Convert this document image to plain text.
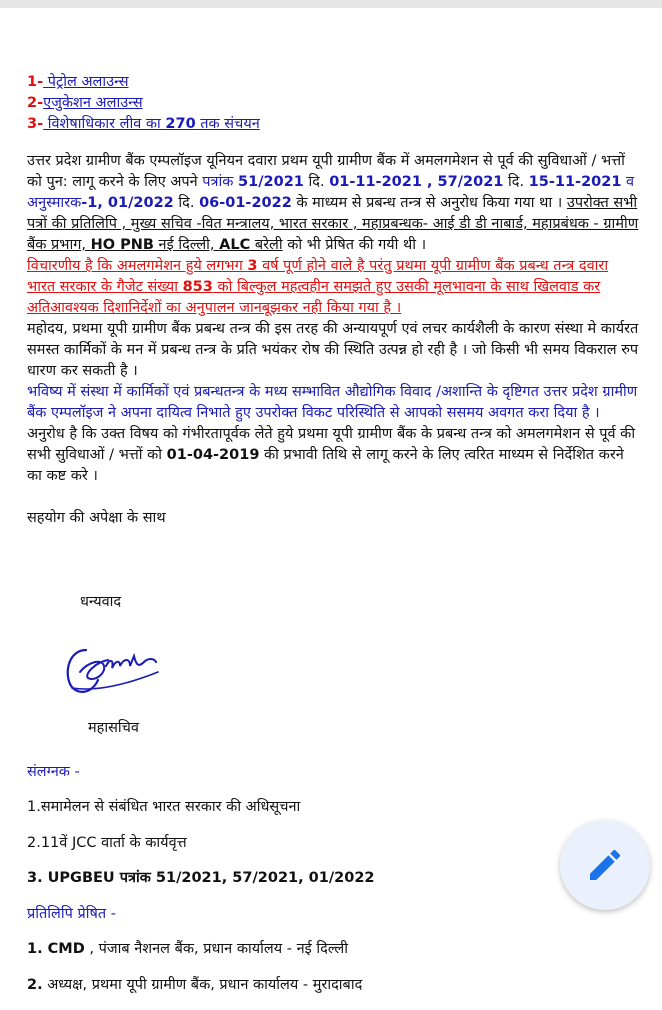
1- पेट्रोल अलाउन्स

2-एजुकेशन अलाउन्स

3- विशेषाधिकार लीव का 270 तक संचयन

उत्तर प्रदेश ग्रामीण बैंक एम्पलॉइज यूनियन दवारा प्रथम यूपी ग्रामीण बैंक में अमलगमेशन से पूर्व की सुविधाओं / भत्तों को पुन: लागू करने के लिए अपने पत्रांक 51/2021 दि. 01-11-2021 , 57/2021 दि. 15-11-2021 व अनुस्मारक-1, 01/2022 दि. 06-01-2022 के माध्यम से प्रबन्ध तन्त्र से अनुरोध किया गया था । उपरोक्त सभी पत्रों की प्रतिलिपि , मुख्य सचिव -वित मन्त्रालय, भारत सरकार , महाप्रबन्धक- आई डी डी नाबार्ड, महाप्रबंधक - ग्रामीण बैंक प्रभाग, HO PNB नई दिल्ली, ALC बरेली को भी प्रेषित की गयी थी ।

विचारणीय है कि अमलगमेशन हुये लगभग 3 वर्ष पूर्ण होने वाले है परंतु प्रथमा यूपी ग्रामीण बैंक प्रबन्ध तन्त्र दवारा भारत सरकार के गैजेट संख्या 853 को बिल्कुल महत्वहीन समझते हुए उसकी मूलभावना के साथ खिलवाड कर अतिआवश्यक दिशानिर्देशों का अनुपालन जानबूझकर नही किया गया है ।

महोदय, प्रथमा यूपी ग्रामीण बैंक प्रबन्ध तन्त्र की इस तरह की अन्यायपूर्ण एवं लचर कार्यशैली के कारण संस्था मे कार्यरत समस्त कार्मिकों के मन में प्रबन्ध तन्त्र के प्रति भयंकर रोष की स्थिति उत्पन्न हो रही है । जो किसी भी समय विकराल रुप धारण कर सकती है ।

भविष्य में संस्था में कार्मिकों एवं प्रबन्धतन्त्र के मध्य सम्भावित औद्योगिक विवाद /अशान्ति के दृष्टिगत उत्तर प्रदेश ग्रामीण बैंक एम्पलॉइज ने अपना दायित्व निभाते हुए उपरोक्त विकट परिस्थिति से आपको ससमय अवगत करा दिया है ।

अनुरोध है कि उक्त विषय को गंभीरतापूर्वक लेते हुये प्रथमा यूपी ग्रामीण बैंक के प्रबन्ध तन्त्र को अमलगमेशन से पूर्व की सभी सुविधाओं / भत्तों को 01-04-2019 की प्रभावी तिथि से लागू करने के लिए त्वरित माध्यम से निर्देशित करने का कष्ट करे ।

सहयोग की अपेक्षा के साथ

धन्यवाद
महासचिव

संलग्नक -

1.समामेलन से संबंधित भारत सरकार की अधिसूचना

2.11वें JCC वार्ता के कार्यवृत्त

3. UPGBEU पत्रांक 51/2021, 57/2021, 01/2022

प्रतिलिपि प्रेषित -

1. CMD , पंजाब नैशनल बैंक, प्रधान कार्यालय - नई दिल्ली

2. अध्यक्ष, प्रथमा यूपी ग्रामीण बैंक, प्रधान कार्यालय - मुरादाबाद
